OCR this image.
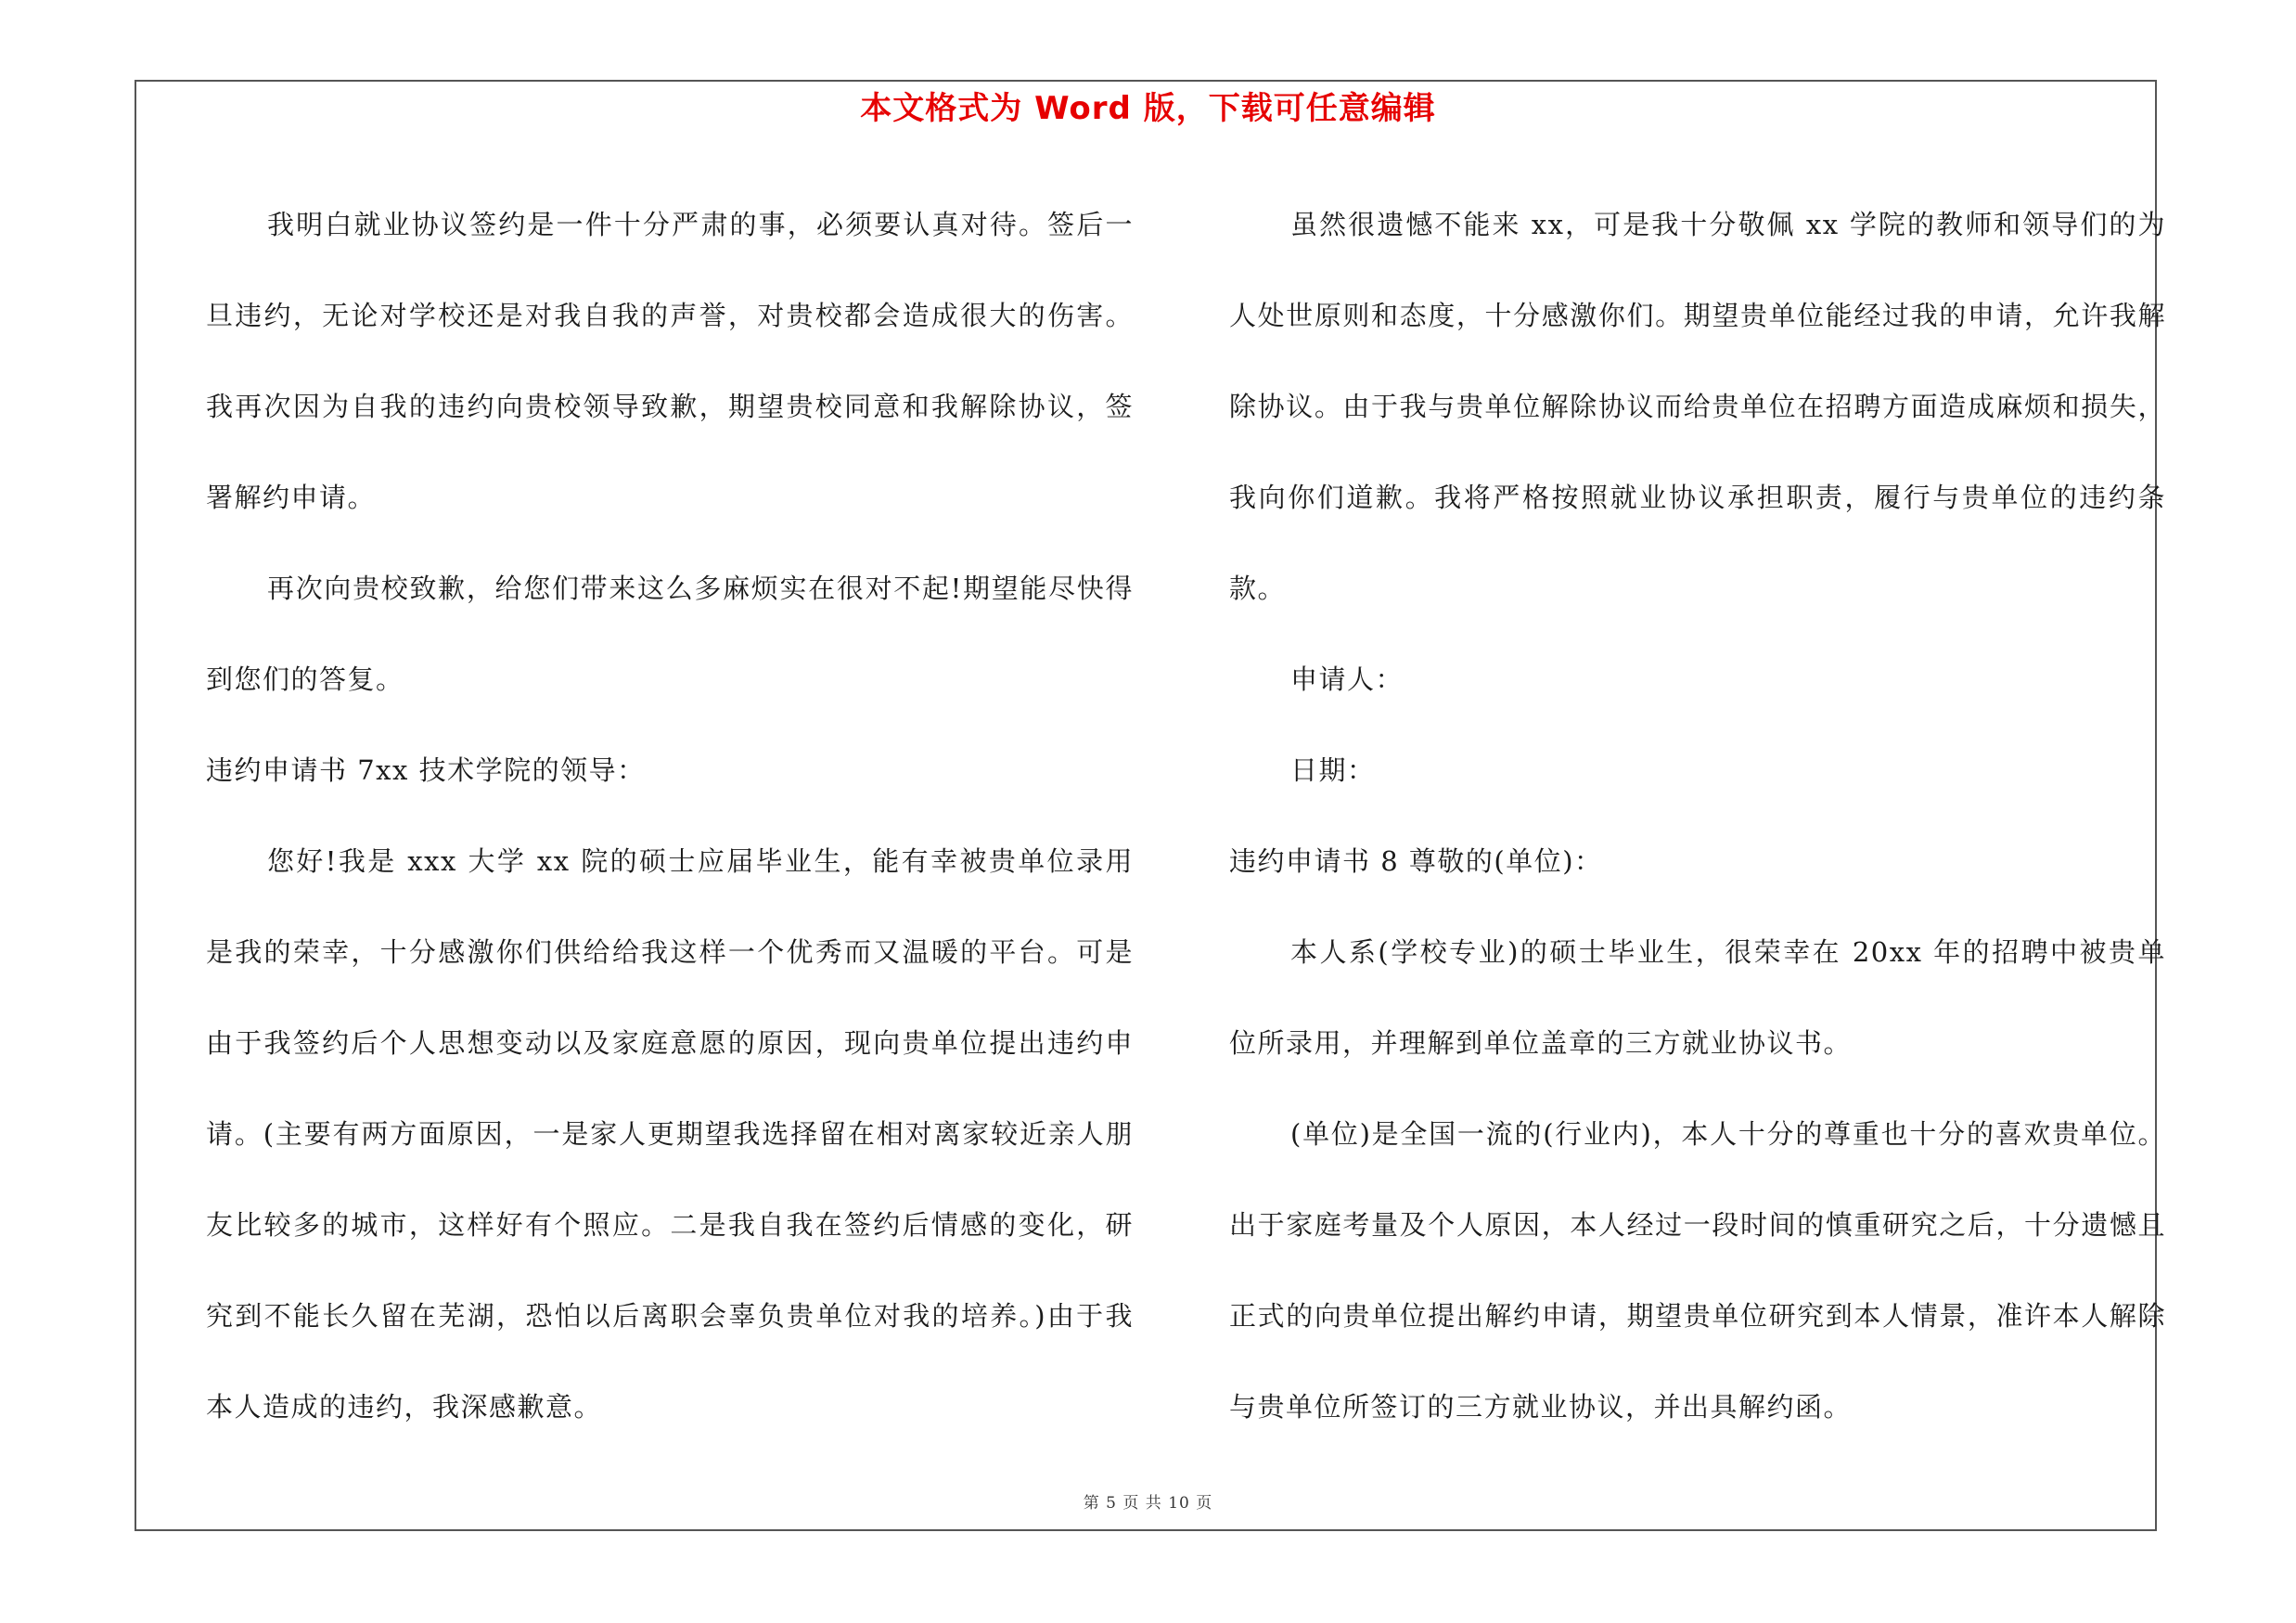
本文格式为 Word 版，下载可任意编辑

我明白就业协议签约是一件十分严肃的事，必须要认真对待。签后一旦违约，无论对学校还是对我自我的声誉，对贵校都会造成很大的伤害。我再次因为自我的违约向贵校领导致歉，期望贵校同意和我解除协议，签署解约申请。

再次向贵校致歉，给您们带来这么多麻烦实在很对不起!期望能尽快得到您们的答复。

违约申请书 7xx 技术学院的领导：

您好!我是 xxx 大学 xx 院的硕士应届毕业生，能有幸被贵单位录用是我的荣幸，十分感激你们供给给我这样一个优秀而又温暖的平台。可是由于我签约后个人思想变动以及家庭意愿的原因，现向贵单位提出违约申请。(主要有两方面原因，一是家人更期望我选择留在相对离家较近亲人朋友比较多的城市，这样好有个照应。二是我自我在签约后情感的变化，研究到不能长久留在芜湖，恐怕以后离职会辜负贵单位对我的培养。)由于我本人造成的违约，我深感歉意。

虽然很遗憾不能来 xx，可是我十分敬佩 xx 学院的教师和领导们的为人处世原则和态度，十分感激你们。期望贵单位能经过我的申请，允许我解除协议。由于我与贵单位解除协议而给贵单位在招聘方面造成麻烦和损失，我向你们道歉。我将严格按照就业协议承担职责，履行与贵单位的违约条款。

申请人：

日期：

违约申请书 8 尊敬的(单位)：

本人系(学校专业)的硕士毕业生，很荣幸在 20xx 年的招聘中被贵单位所录用，并理解到单位盖章的三方就业协议书。

(单位)是全国一流的(行业内)，本人十分的尊重也十分的喜欢贵单位。出于家庭考量及个人原因，本人经过一段时间的慎重研究之后，十分遗憾且正式的向贵单位提出解约申请，期望贵单位研究到本人情景，准许本人解除与贵单位所签订的三方就业协议，并出具解约函。

第 5 页 共 10 页
